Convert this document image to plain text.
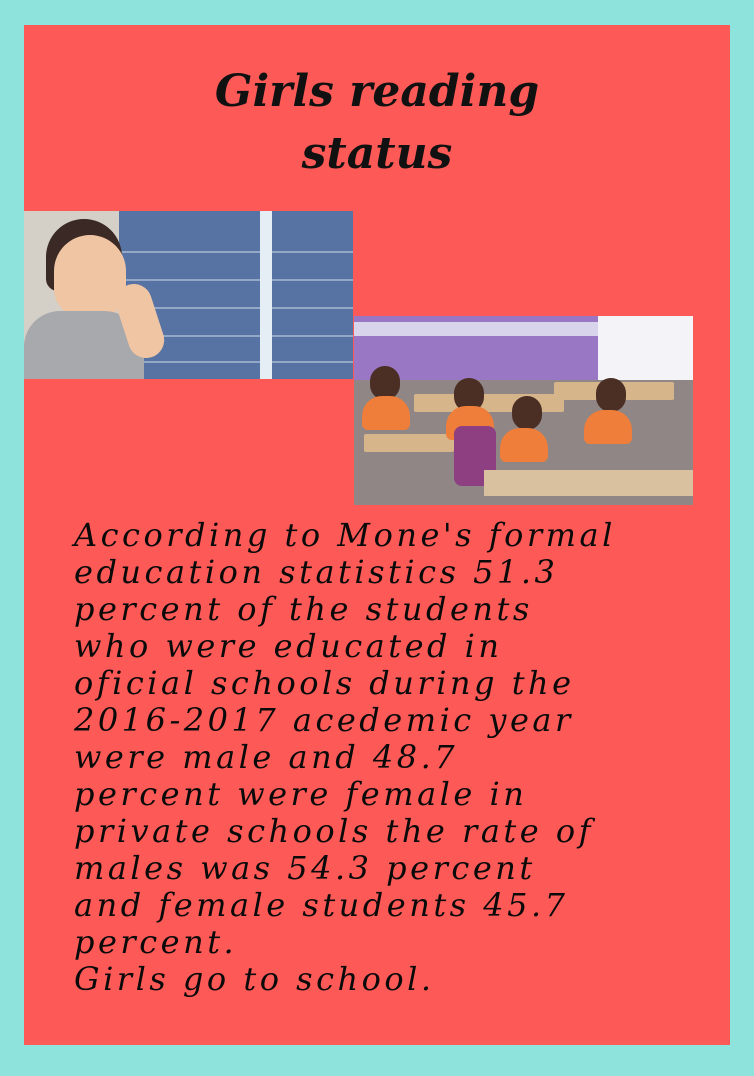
Girls reading
status

According to Mone's formal
education statistics 51.3
percent of the students
who were educated in
oficial schools during the
2016-2017 acedemic year
were male and 48.7
percent were female in
private schools the rate of
males was 54.3 percent
and female students 45.7
percent.
Girls go to school.
